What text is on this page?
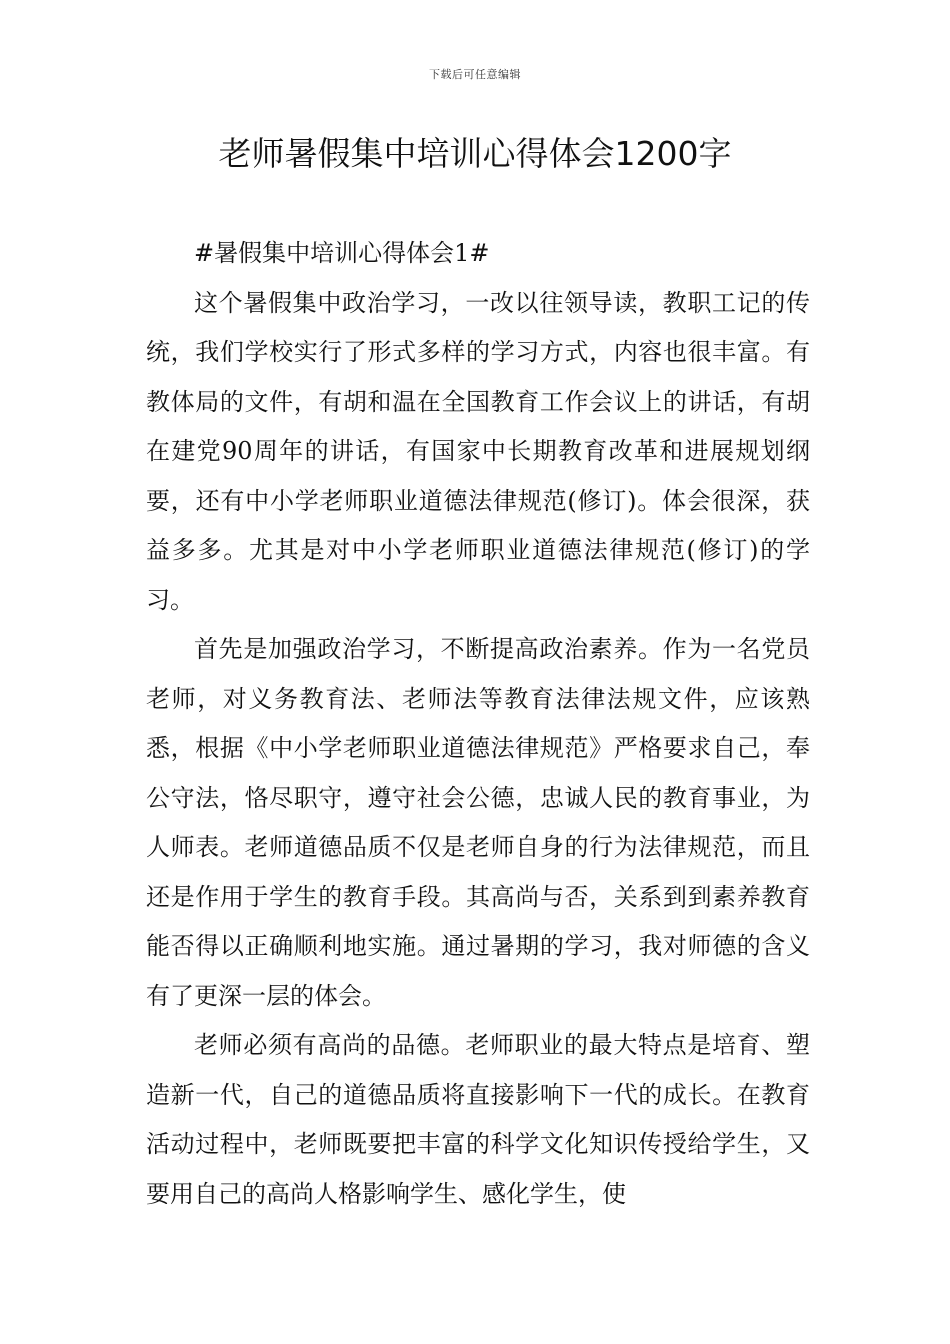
下载后可任意编辑
老师暑假集中培训心得体会1200字

#暑假集中培训心得体会1#

这个暑假集中政治学习，一改以往领导读，教职工记的传统，我们学校实行了形式多样的学习方式，内容也很丰富。有教体局的文件，有胡和温在全国教育工作会议上的讲话，有胡在建党90周年的讲话，有国家中长期教育改革和进展规划纲要，还有中小学老师职业道德法律规范(修订)。体会很深，获益多多。尤其是对中小学老师职业道德法律规范(修订)的学习。

首先是加强政治学习，不断提高政治素养。作为一名党员老师，对义务教育法、老师法等教育法律法规文件，应该熟悉，根据《中小学老师职业道德法律规范》严格要求自己，奉公守法，恪尽职守，遵守社会公德，忠诚人民的教育事业，为人师表。老师道德品质不仅是老师自身的行为法律规范，而且还是作用于学生的教育手段。其高尚与否，关系到到素养教育能否得以正确顺利地实施。通过暑期的学习，我对师德的含义有了更深一层的体会。

老师必须有高尚的品德。老师职业的最大特点是培育、塑造新一代，自己的道德品质将直接影响下一代的成长。在教育活动过程中，老师既要把丰富的科学文化知识传授给学生，又要用自己的高尚人格影响学生、感化学生，使
